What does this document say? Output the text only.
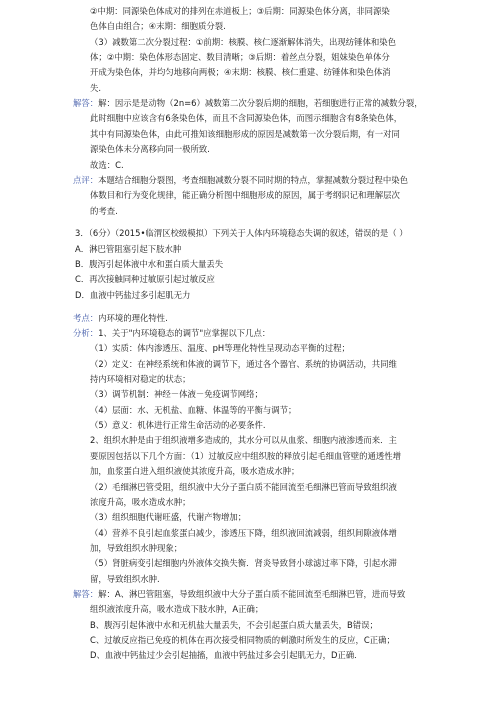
②中期：同源染色体成对的排列在赤道板上；③后期：同源染色体分离，非同源染
色体自由组合；④末期：细胞质分裂.
（3）减数第二次分裂过程：①前期：核膜、核仁逐渐解体消失，出现纺锤体和染色
体；②中期：染色体形态固定、数目清晰；③后期：着丝点分裂，姐妹染色单体分
开成为染色体，并均匀地移向两极；④末期：核膜、核仁重建、纺锤体和染色体消
失.
解答：解：因示是是动物（2n=6）减数第二次分裂后期的细胞，若细胞进行正常的减数分裂，
此时细胞中应该含有6条染色体，而且不含同源染色体，而图示细胞含有8条染色体，
其中有同源染色体，由此可推知该细胞形成的原因是减数第一次分裂后期，有一对同
源染色体未分离移向同一极所致.
故选：C.
点评：本题结合细胞分裂图，考查细胞减数分裂不同时期的特点，掌握减数分裂过程中染色
体数目和行为变化规律，能正确分析图中细胞形成的原因，属于考纲识记和理解层次
的考查.
3．（6分）（2015•临渭区校级模拟）下列关于人体内环境稳态失调的叙述，错误的是（ ）
A．淋巴管阻塞引起下肢水肿
B．腹泻引起体液中水和蛋白质大量丢失
C．再次接触同种过敏原引起过敏反应
D．血液中钙盐过多引起肌无力
考点：内环境的理化特性.
分析：1、关于"内环境稳态的调节"应掌握以下几点：
（1）实质：体内渗透压、温度、pH等理化特性呈现动态平衡的过程；
（2）定义：在神经系统和体液的调节下，通过各个器官、系统的协调活动，共同维
持内环境相对稳定的状态；
（3）调节机制：神经－体液－免疫调节网络；
（4）层面：水、无机盐、血糖、体温等的平衡与调节；
（5）意义：机体进行正常生命活动的必要条件.
2、组织水肿是由于组织液增多造成的，其水分可以从血浆、细胞内液渗透而来．主
要原因包括以下几个方面：（1）过敏反应中组织胺的释放引起毛细血管壁的通透性增
加，血浆蛋白进入组织液使其浓度升高，吸水造成水肿；
（2）毛细淋巴管受阻，组织液中大分子蛋白质不能回流至毛细淋巴管而导致组织液
浓度升高，吸水造成水肿；
（3）组织细胞代谢旺盛，代谢产物增加；
（4）营养不良引起血浆蛋白减少，渗透压下降，组织液回流减弱，组织间隙液体增
加，导致组织水肿现象；
（5）肾脏病变引起细胞内外液体交换失衡．肾炎导致肾小球滤过率下降，引起水滞
留，导致组织水肿.
解答：解：A、淋巴管阻塞，导致组织液中大分子蛋白质不能回流至毛细淋巴管，进而导致
组织液浓度升高，吸水造成下肢水肿，A正确；
B、腹泻引起体液中水和无机盐大量丢失，不会引起蛋白质大量丢失，B错误；
C、过敏反应指已免疫的机体在再次接受相同物质的刺激时所发生的反应，C正确；
D、血液中钙盐过少会引起抽搐，血液中钙盐过多会引起肌无力，D正确．
